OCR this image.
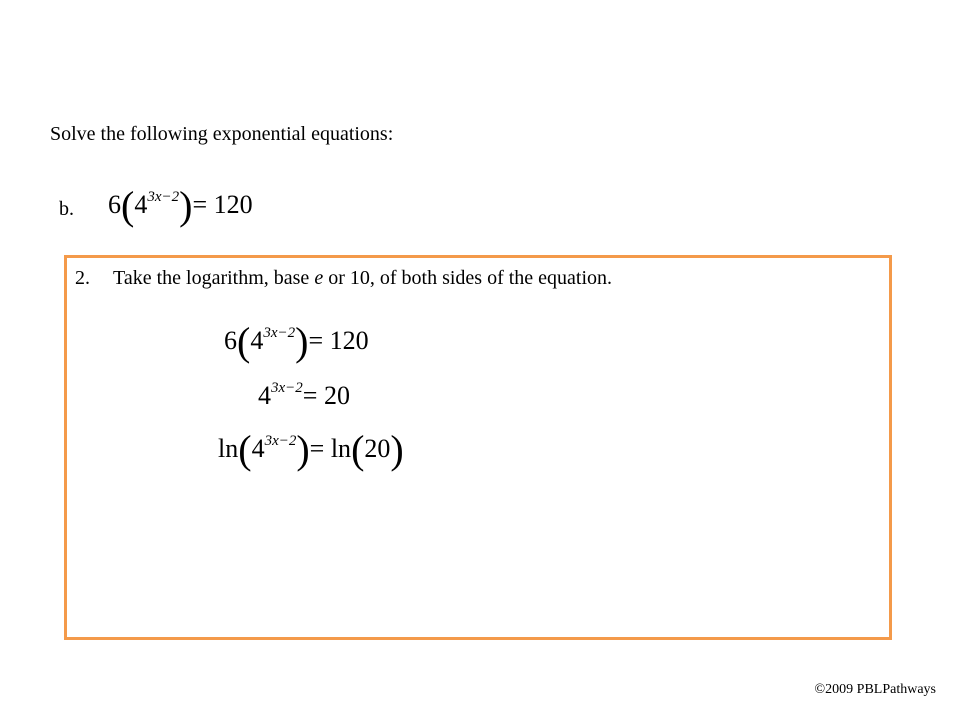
Solve the following exponential equations:
b. $6(4^{3x-2})= 120$
2. Take the logarithm, base e or 10, of both sides of the equation.
$6(4^{3x-2})= 120$
$4^{3x-2}= 20$
$\ln(4^{3x-2})= \ln(20)$
©2009 PBLPathways
